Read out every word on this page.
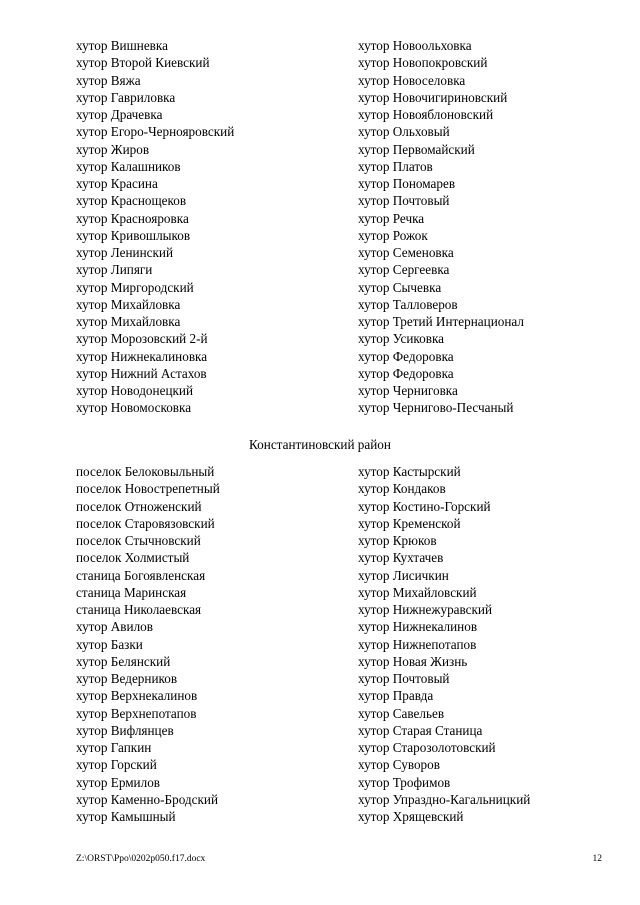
хутор Вишневка
хутор Второй Киевский
хутор Вяжа
хутор Гавриловка
хутор Драчевка
хутор Егоро-Чернояровский
хутор Жиров
хутор Калашников
хутор Красина
хутор Краснощеков
хутор Краснояровка
хутор Кривошлыков
хутор Ленинский
хутор Липяги
хутор Миргородский
хутор Михайловка
хутор Михайловка
хутор Морозовский 2-й
хутор Нижнекалиновка
хутор Нижний Астахов
хутор Новодонецкий
хутор Новомосковка
хутор Новоольховка
хутор Новопокровский
хутор Новоселовка
хутор Новочигириновский
хутор Новояблоновский
хутор Ольховый
хутор Первомайский
хутор Платов
хутор Пономарев
хутор Почтовый
хутор Речка
хутор Рожок
хутор Семеновка
хутор Сергеевка
хутор Сычевка
хутор Талловеров
хутор Третий Интернационал
хутор Усиковка
хутор Федоровка
хутор Федоровка
хутор Черниговка
хутор Чернигово-Песчаный
Константиновский район
поселок Белоковыльный
поселок Новострепетный
поселок Отноженский
поселок Старовязовский
поселок Стычновский
поселок Холмистый
станица Богоявленская
станица Маринская
станица Николаевская
хутор Авилов
хутор Базки
хутор Белянский
хутор Ведерников
хутор Верхнекалинов
хутор Верхнепотапов
хутор Вифлянцев
хутор Гапкин
хутор Горский
хутор Ермилов
хутор Каменно-Бродский
хутор Камышный
хутор Кастырский
хутор Кондаков
хутор Костино-Горский
хутор Кременской
хутор Крюков
хутор Кухтачев
хутор Лисичкин
хутор Михайловский
хутор Нижнежуравский
хутор Нижнекалинов
хутор Нижнепотапов
хутор Новая Жизнь
хутор Почтовый
хутор Правда
хутор Савельев
хутор Старая Станица
хутор Старозолотовский
хутор Суворов
хутор Трофимов
хутор Упраздно-Кагальницкий
хутор Хрящевский
Z:\ORST\Ppo\0202p050.f17.docx	12
